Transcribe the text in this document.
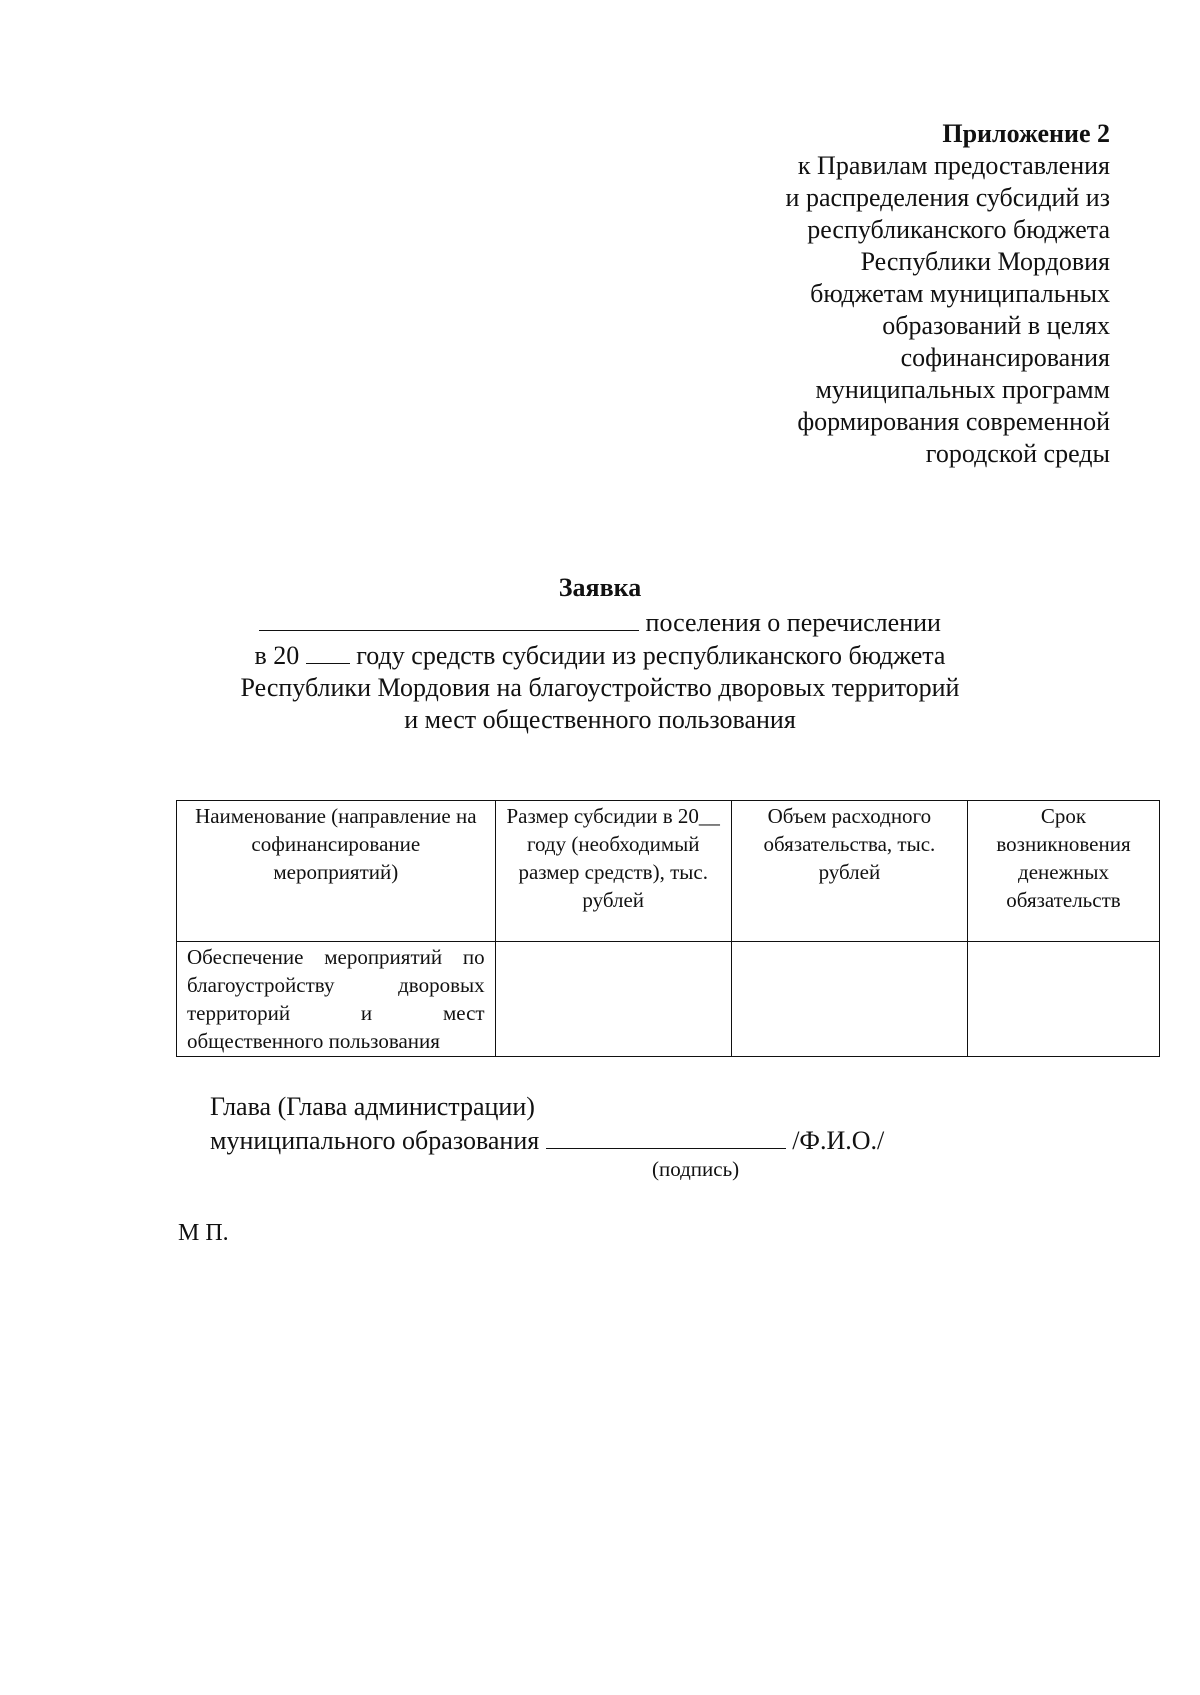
Приложение 2
к Правилам предоставления
и распределения субсидий из
республиканского бюджета
Республики Мордовия
бюджетам муниципальных
образований в целях
софинансирования
муниципальных программ
формирования современной
городской среды
Заявка
поселения о перечислении
в 20 году средств субсидии из республиканского бюджета
Республики Мордовия на благоустройство дворовых территорий
и мест общественного пользования
Наименование (направление на софинансирование мероприятий)	Размер субсидии в 20__ году (необходимый размер средств), тыс. рублей	Объем расходного обязательства, тыс. рублей	Срок возникновения денежных обязательств
Обеспечение мероприятий по благоустройству дворовых территорий и мест общественного пользования			
Глава (Глава администрации)
муниципального образования	/Ф.И.О./
(подпись)
М П.
